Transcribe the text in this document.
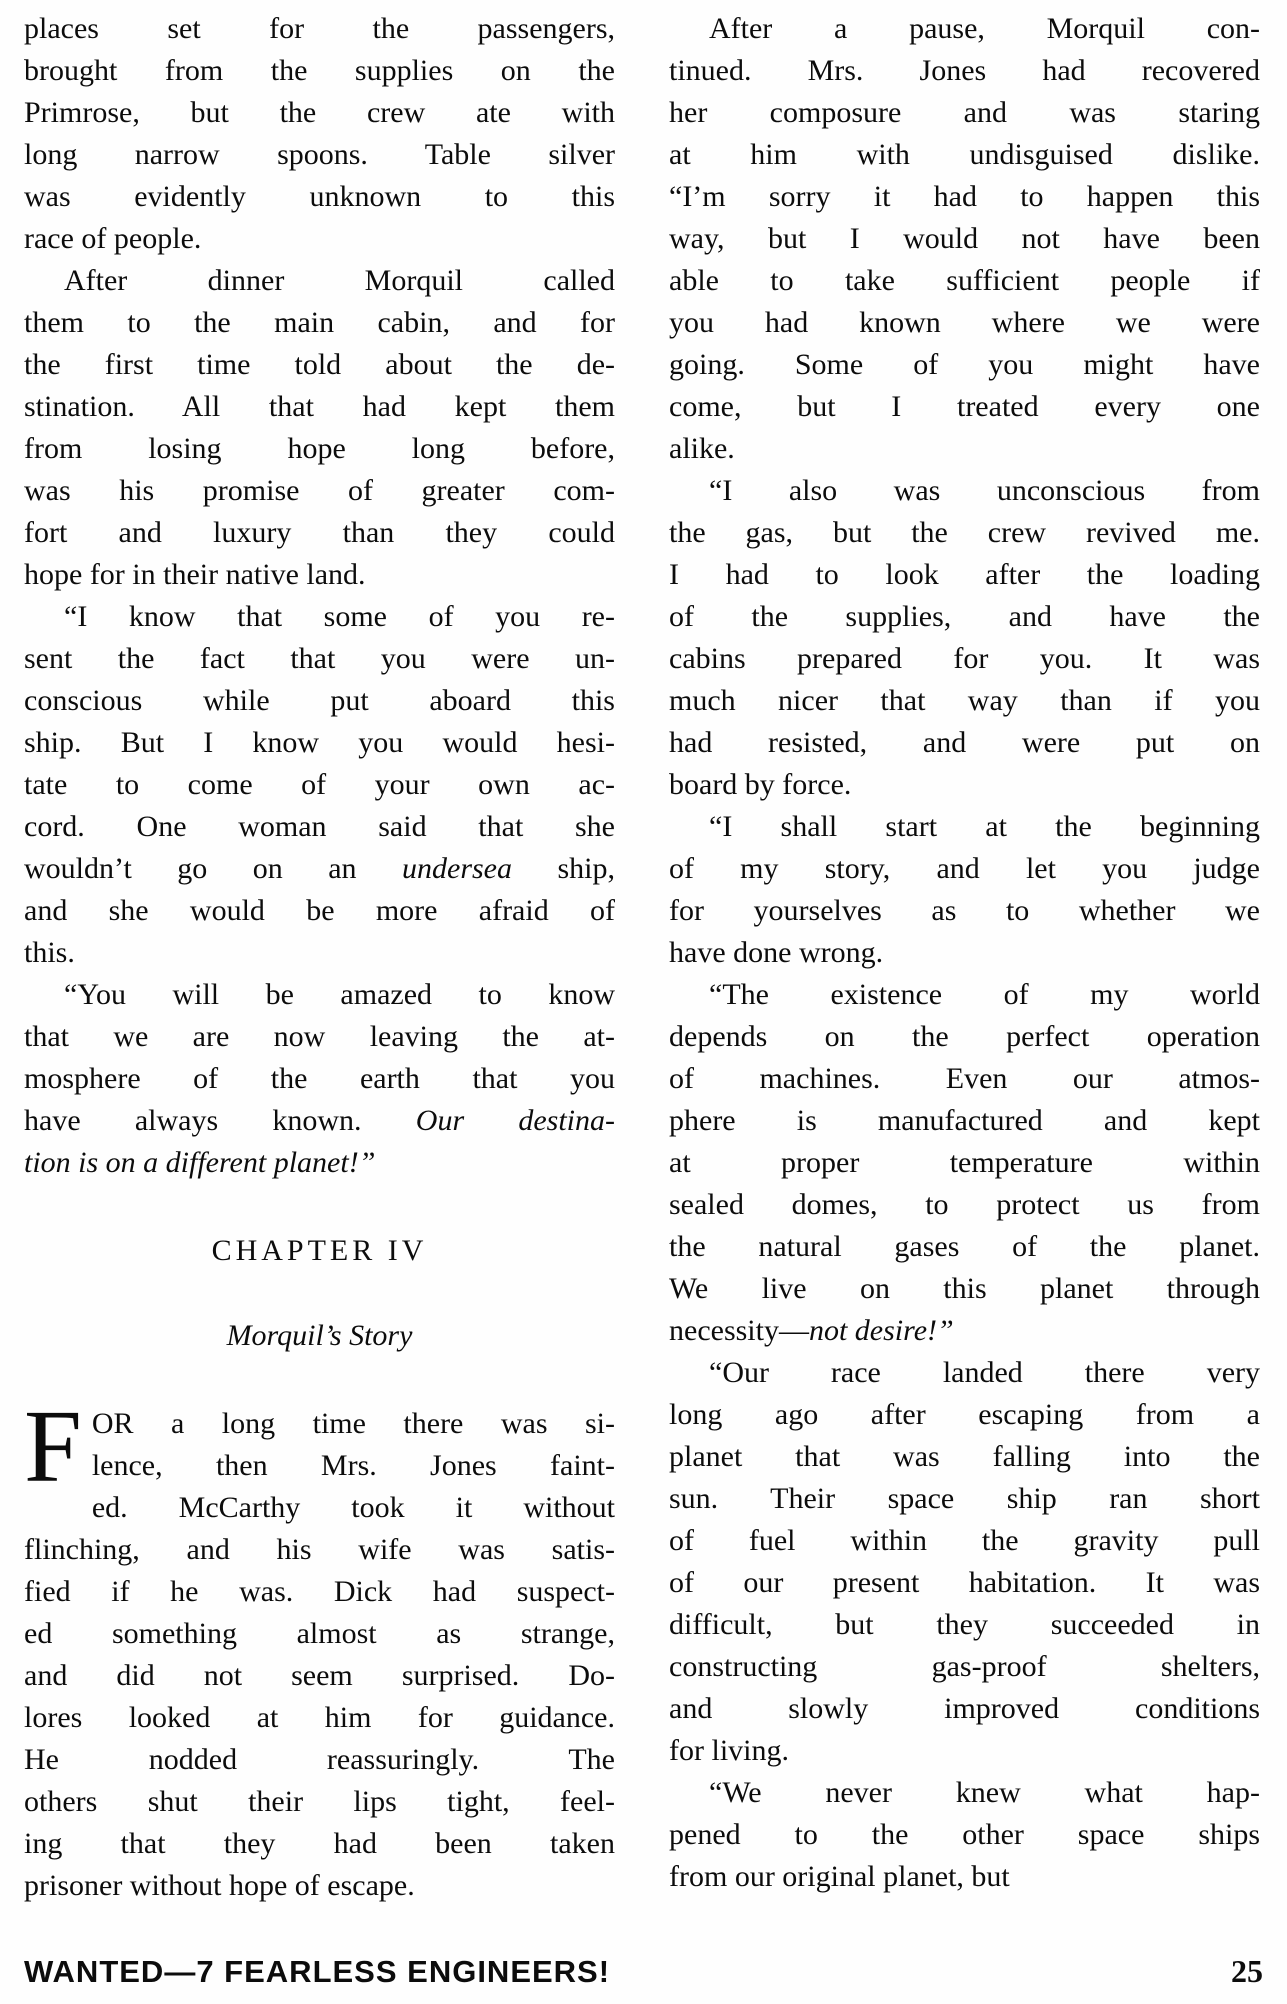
places set for the passengers,
brought from the supplies on the
Primrose, but the crew ate with
long narrow spoons. Table silver
was evidently unknown to this
race of people.
After dinner Morquil called
them to the main cabin, and for
the first time told about the de-
stination. All that had kept them
from losing hope long before,
was his promise of greater com-
fort and luxury than they could
hope for in their native land.
“I know that some of you re-
sent the fact that you were un-
conscious while put aboard this
ship. But I know you would hesi-
tate to come of your own ac-
cord. One woman said that she
wouldn’t go on an undersea ship,
and she would be more afraid of
this.
“You will be amazed to know
that we are now leaving the at-
mosphere of the earth that you
have always known. Our destina-
tion is on a different planet!”
CHAPTER IV
Morquil’s Story
F OR a long time there was si-
lence, then Mrs. Jones faint-
ed. McCarthy took it without
flinching, and his wife was satis-
fied if he was. Dick had suspect-
ed something almost as strange,
and did not seem surprised. Do-
lores looked at him for guidance.
He nodded reassuringly. The
others shut their lips tight, feel-
ing that they had been taken
prisoner without hope of escape.
After a pause, Morquil con-
tinued. Mrs. Jones had recovered
her composure and was staring
at him with undisguised dislike.
“I’m sorry it had to happen this
way, but I would not have been
able to take sufficient people if
you had known where we were
going. Some of you might have
come, but I treated every one
alike.
“I also was unconscious from
the gas, but the crew revived me.
I had to look after the loading
of the supplies, and have the
cabins prepared for you. It was
much nicer that way than if you
had resisted, and were put on
board by force.
“I shall start at the beginning
of my story, and let you judge
for yourselves as to whether we
have done wrong.
“The existence of my world
depends on the perfect operation
of machines. Even our atmos-
phere is manufactured and kept
at proper temperature within
sealed domes, to protect us from
the natural gases of the planet.
We live on this planet through
necessity—not desire!”
“Our race landed there very
long ago after escaping from a
planet that was falling into the
sun. Their space ship ran short
of fuel within the gravity pull
of our present habitation. It was
difficult, but they succeeded in
constructing gas-proof shelters,
and slowly improved conditions
for living.
“We never knew what hap-
pened to the other space ships
from our original planet, but
WANTED—7 FEARLESS ENGINEERS!	25
